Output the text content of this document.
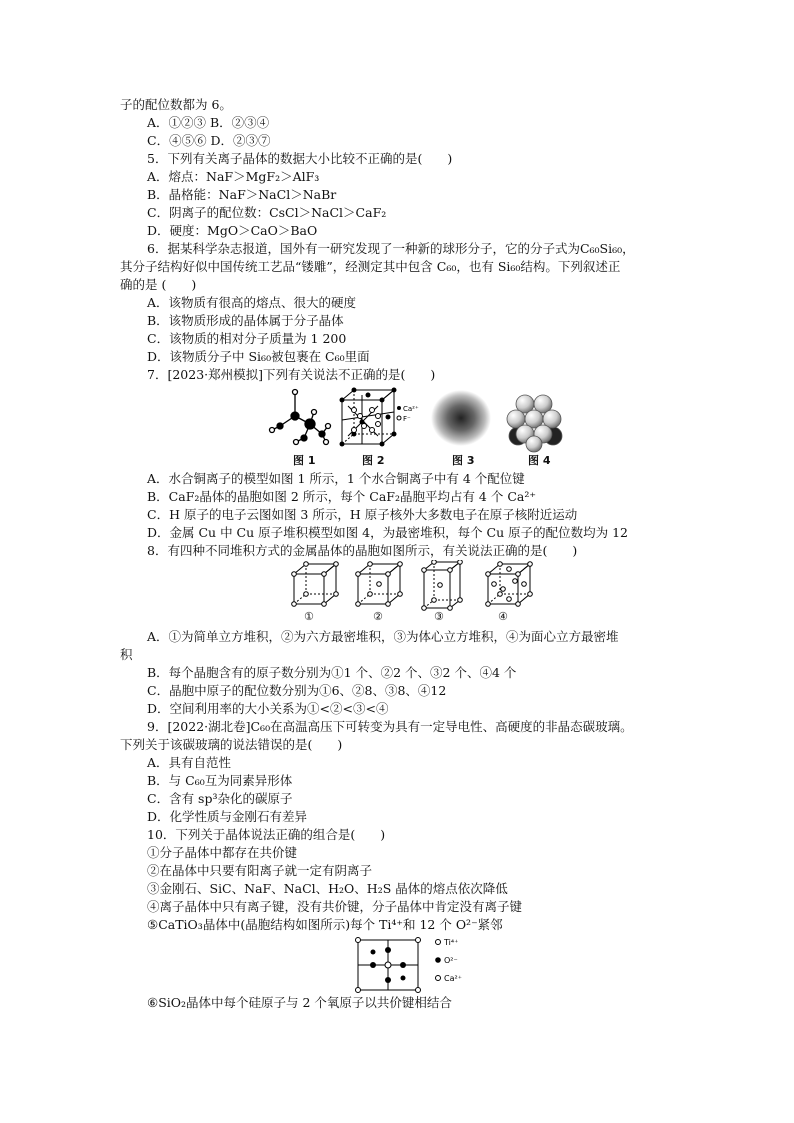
子的配位数都为 6。
A．①②③ B．②③④
C．④⑤⑥ D．②③⑦
5．下列有关离子晶体的数据大小比较不正确的是(　　)
A．熔点：NaF＞MgF₂＞AlF₃
B．晶格能：NaF＞NaCl＞NaBr
C．阴离子的配位数：CsCl＞NaCl＞CaF₂
D．硬度：MgO＞CaO＞BaO
6．据某科学杂志报道，国外有一研究发现了一种新的球形分子，它的分子式为C₆₀Si₆₀，
其分子结构好似中国传统工艺品“镂雕”，经测定其中包含 C₆₀，也有 Si₆₀结构。下列叙述正
确的是 (　　)
A．该物质有很高的熔点、很大的硬度
B．该物质形成的晶体属于分子晶体
C．该物质的相对分子质量为 1 200
D．该物质分子中 Si₆₀被包裹在 C₆₀里面
7．[2023·郑州模拟]下列有关说法不正确的是(　　)
Ca²⁺
F⁻
图 1	图 2	图 3	图 4
A．水合铜离子的模型如图 1 所示，1 个水合铜离子中有 4 个配位键
B．CaF₂晶体的晶胞如图 2 所示，每个 CaF₂晶胞平均占有 4 个 Ca²⁺
C．H 原子的电子云图如图 3 所示，H 原子核外大多数电子在原子核附近运动
D．金属 Cu 中 Cu 原子堆积模型如图 4，为最密堆积，每个 Cu 原子的配位数均为 12
8．有四种不同堆积方式的金属晶体的晶胞如图所示，有关说法正确的是(　　)
①	②	③	④
A．①为简单立方堆积，②为六方最密堆积，③为体心立方堆积，④为面心立方最密堆
积
B．每个晶胞含有的原子数分别为①1 个、②2 个、③2 个、④4 个
C．晶胞中原子的配位数分别为①6、②8、③8、④12
D．空间利用率的大小关系为①<②<③<④
9．[2022·湖北卷]C₆₀在高温高压下可转变为具有一定导电性、高硬度的非晶态碳玻璃。
下列关于该碳玻璃的说法错误的是(　　)
A．具有自范性
B．与 C₆₀互为同素异形体
C．含有 sp³杂化的碳原子
D．化学性质与金刚石有差异
10．下列关于晶体说法正确的组合是(　　)
①分子晶体中都存在共价键
②在晶体中只要有阳离子就一定有阴离子
③金刚石、SiC、NaF、NaCl、H₂O、H₂S 晶体的熔点依次降低
④离子晶体中只有离子键，没有共价键，分子晶体中肯定没有离子键
⑤CaTiO₃晶体中(晶胞结构如图所示)每个 Ti⁴⁺和 12 个 O²⁻紧邻
Ti⁴⁺
O²⁻
Ca²⁺
⑥SiO₂晶体中每个硅原子与 2 个氧原子以共价键相结合
